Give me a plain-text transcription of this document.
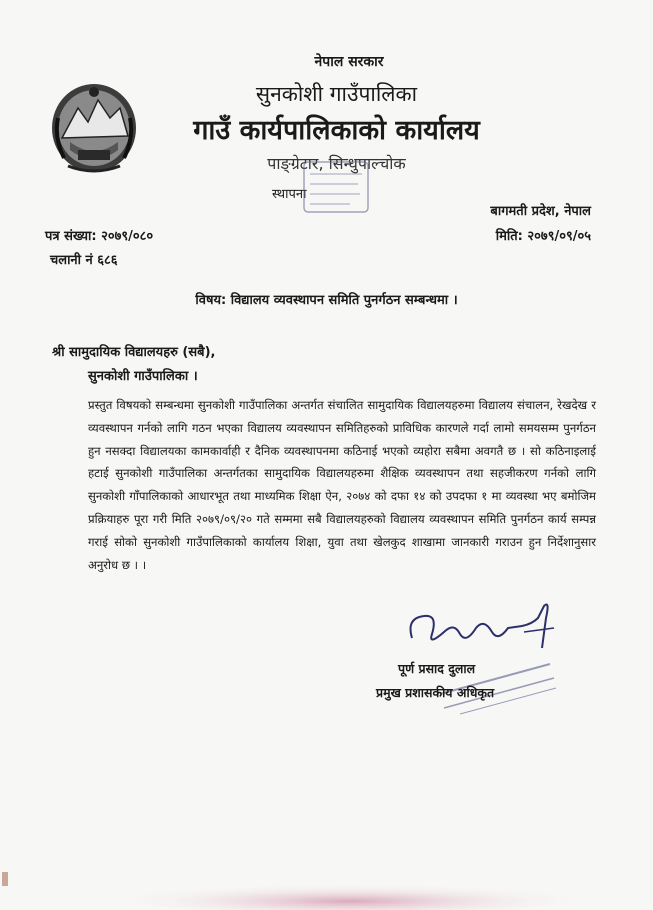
नेपाल सरकार
सुनकोशी गाउँपालिका
गाउँ कार्यपालिकाको कार्यालय
पाङ्ग्रेटार, सिन्धुपाल्चोक
स्थापना
बागमती प्रदेश, नेपाल
पत्र संख्या: २०७९/०८०	मिति: २०७९/०९/०५
चलानी नं ६८६
विषय: विद्यालय व्यवस्थापन समिति पुनर्गठन सम्बन्धमा ।
श्री सामुदायिक विद्यालयहरु (सबै),
सुनकोशी गाउँपालिका ।
प्रस्तुत विषयको सम्बन्धमा सुनकोशी गाउँपालिका अन्तर्गत संचालित सामुदायिक विद्यालयहरुमा विद्यालय संचालन, रेखदेख र व्यवस्थापन गर्नको लागि गठन भएका विद्यालय व्यवस्थापन समितिहरुको प्राविधिक कारणले गर्दा लामो समयसम्म पुनर्गठन हुन नसक्दा विद्यालयका कामकार्वाही र दैनिक व्यवस्थापनमा कठिनाई भएको व्यहोरा सबैमा अवगतै छ । सो कठिनाइलाई हटाई सुनकोशी गाउँपालिका अन्तर्गतका सामुदायिक विद्यालयहरुमा शैक्षिक व्यवस्थापन तथा सहजीकरण गर्नको लागि सुनकोशी गाँपालिकाको आधारभूत तथा माध्यमिक शिक्षा ऐन, २०७४ को दफा १४ को उपदफा १ मा व्यवस्था भए बमोजिम प्रक्रियाहरु पूरा गरी मिति २०७९/०९/२० गते सम्ममा सबै विद्यालयहरुको विद्यालय व्यवस्थापन समिति पुनर्गठन कार्य सम्पन्न गराई सोको सुनकोशी गाउँपालिकाको कार्यालय शिक्षा, युवा तथा खेलकुद शाखामा जानकारी गराउन हुन निर्देशानुसार अनुरोध छ । ।
पूर्ण प्रसाद दुलाल
प्रमुख प्रशासकीय अधिकृत
